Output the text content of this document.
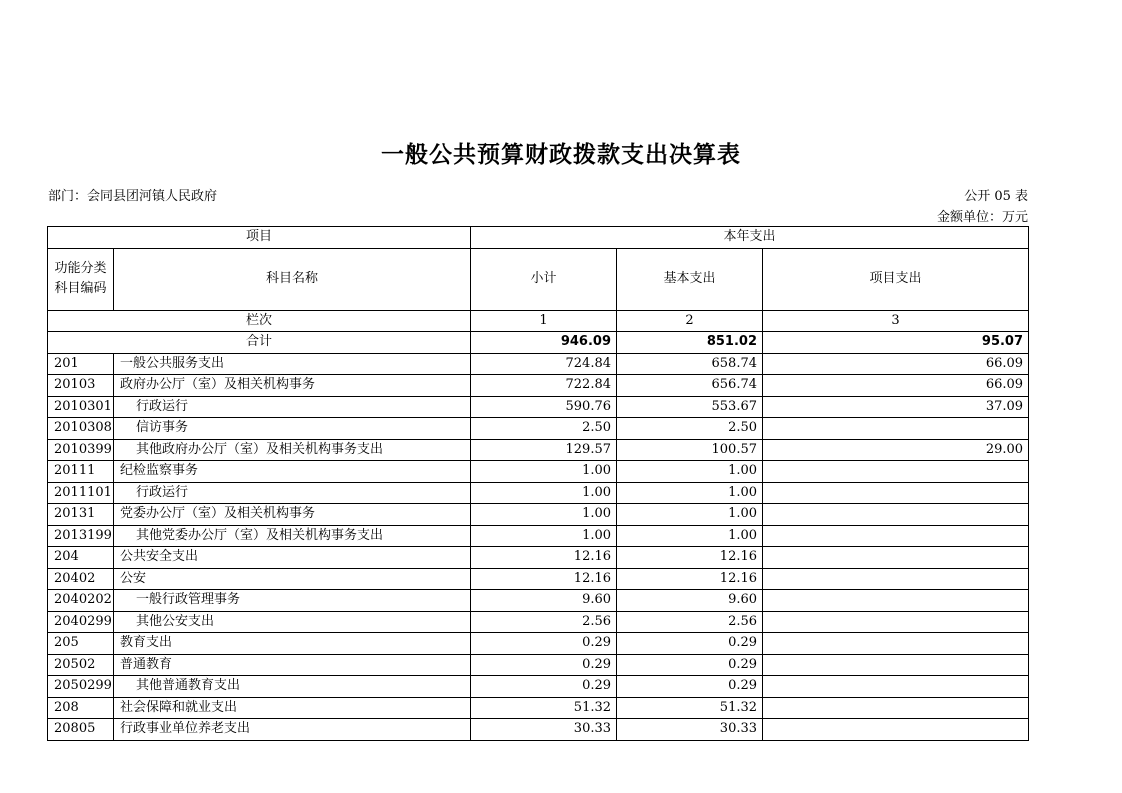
一般公共预算财政拨款支出决算表
部门：会同县团河镇人民政府	公开 05 表
金额单位：万元
项目		本年支出		
功能分类科目编码	科目名称	小计	基本支出	项目支出
栏次		1	2	3
合计		946.09	851.02	95.07
201	一般公共服务支出	724.84	658.74	66.09
20103	政府办公厅（室）及相关机构事务	722.84	656.74	66.09
2010301	行政运行	590.76	553.67	37.09
2010308	信访事务	2.50	2.50	
2010399	其他政府办公厅（室）及相关机构事务支出	129.57	100.57	29.00
20111	纪检监察事务	1.00	1.00	
2011101	行政运行	1.00	1.00	
20131	党委办公厅（室）及相关机构事务	1.00	1.00	
2013199	其他党委办公厅（室）及相关机构事务支出	1.00	1.00	
204	公共安全支出	12.16	12.16	
20402	公安	12.16	12.16	
2040202	一般行政管理事务	9.60	9.60	
2040299	其他公安支出	2.56	2.56	
205	教育支出	0.29	0.29	
20502	普通教育	0.29	0.29	
2050299	其他普通教育支出	0.29	0.29	
208	社会保障和就业支出	51.32	51.32	
20805	行政事业单位养老支出	30.33	30.33	
